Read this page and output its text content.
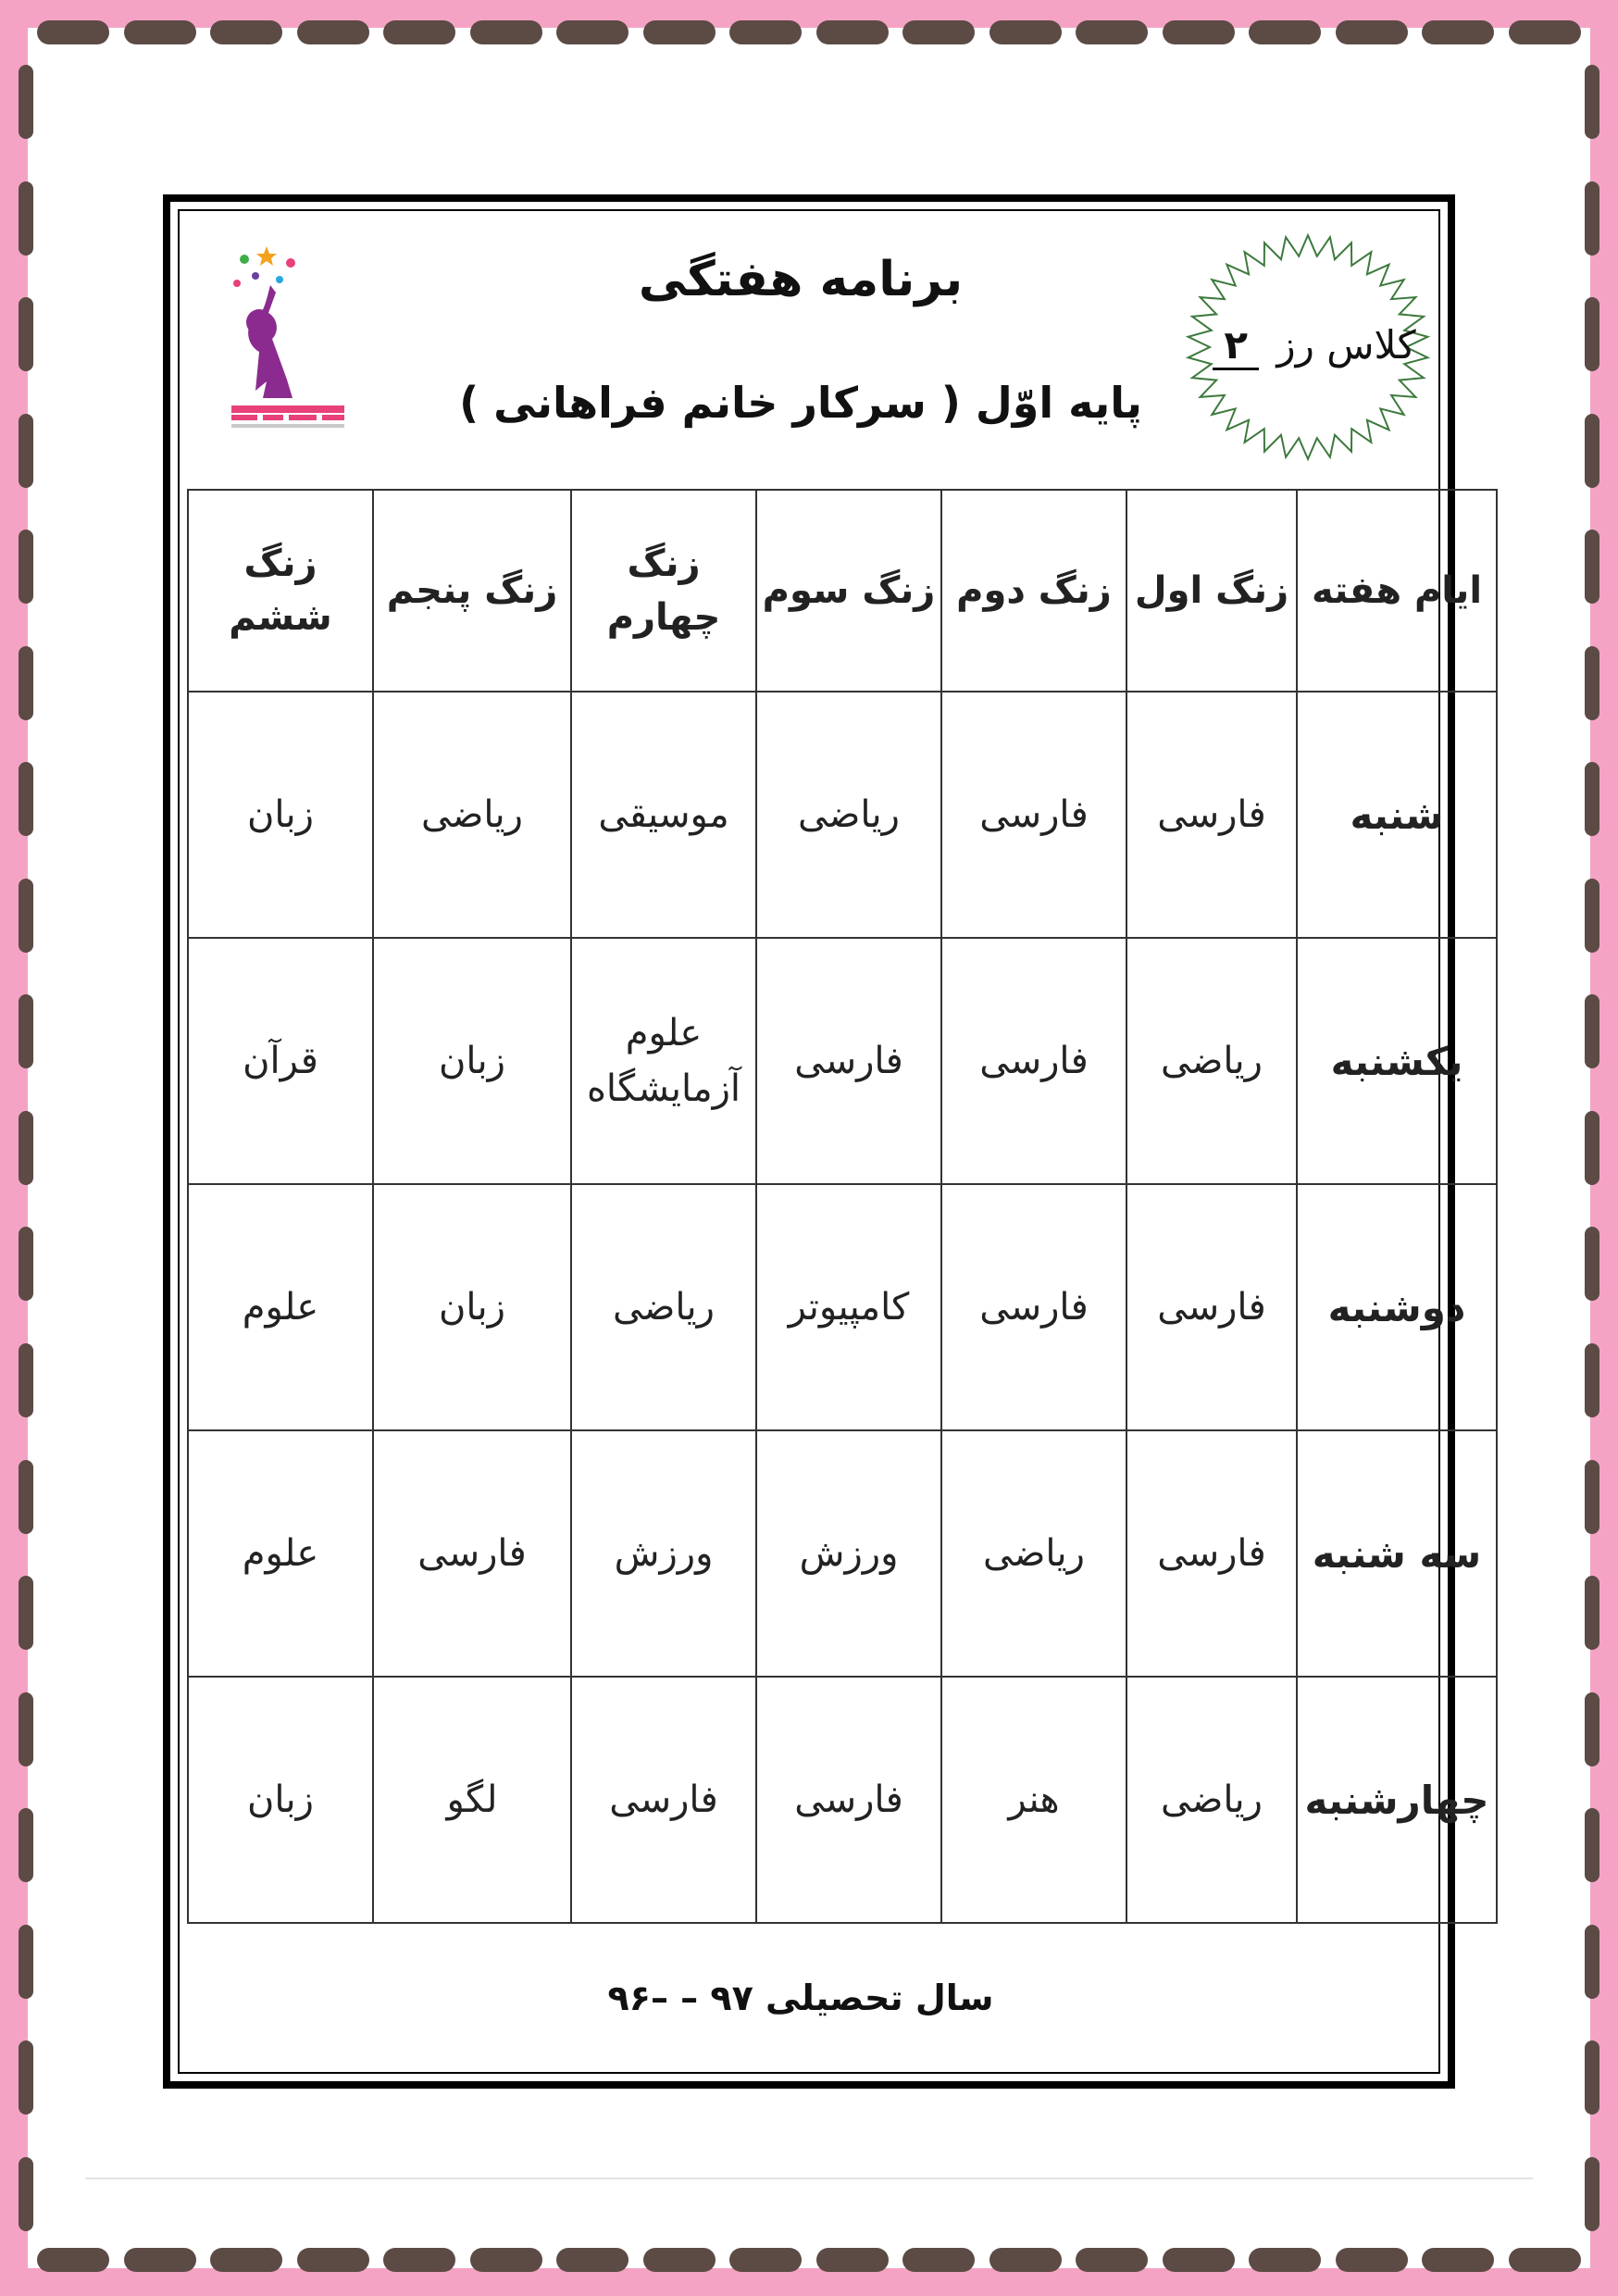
برنامه هفتگی
پایه اوّل ( سرکار خانم فراهانی )
کلاس رز ۲
ایام هفته	زنگ اول	زنگ دوم	زنگ سوم	زنگ چهارم	زنگ پنجم	زنگ ششم
شنبه	فارسی	فارسی	ریاضی	موسیقی	ریاضی	زبان
یکشنبه	ریاضی	فارسی	فارسی	علوم آزمایشگاه	زبان	قرآن
دوشنبه	فارسی	فارسی	کامپیوتر	ریاضی	زبان	علوم
سه شنبه	فارسی	ریاضی	ورزش	ورزش	فارسی	علوم
چهارشنبه	ریاضی	هنر	فارسی	فارسی	لگو	زبان

سال تحصیلی ۹۷ – –۹۶
